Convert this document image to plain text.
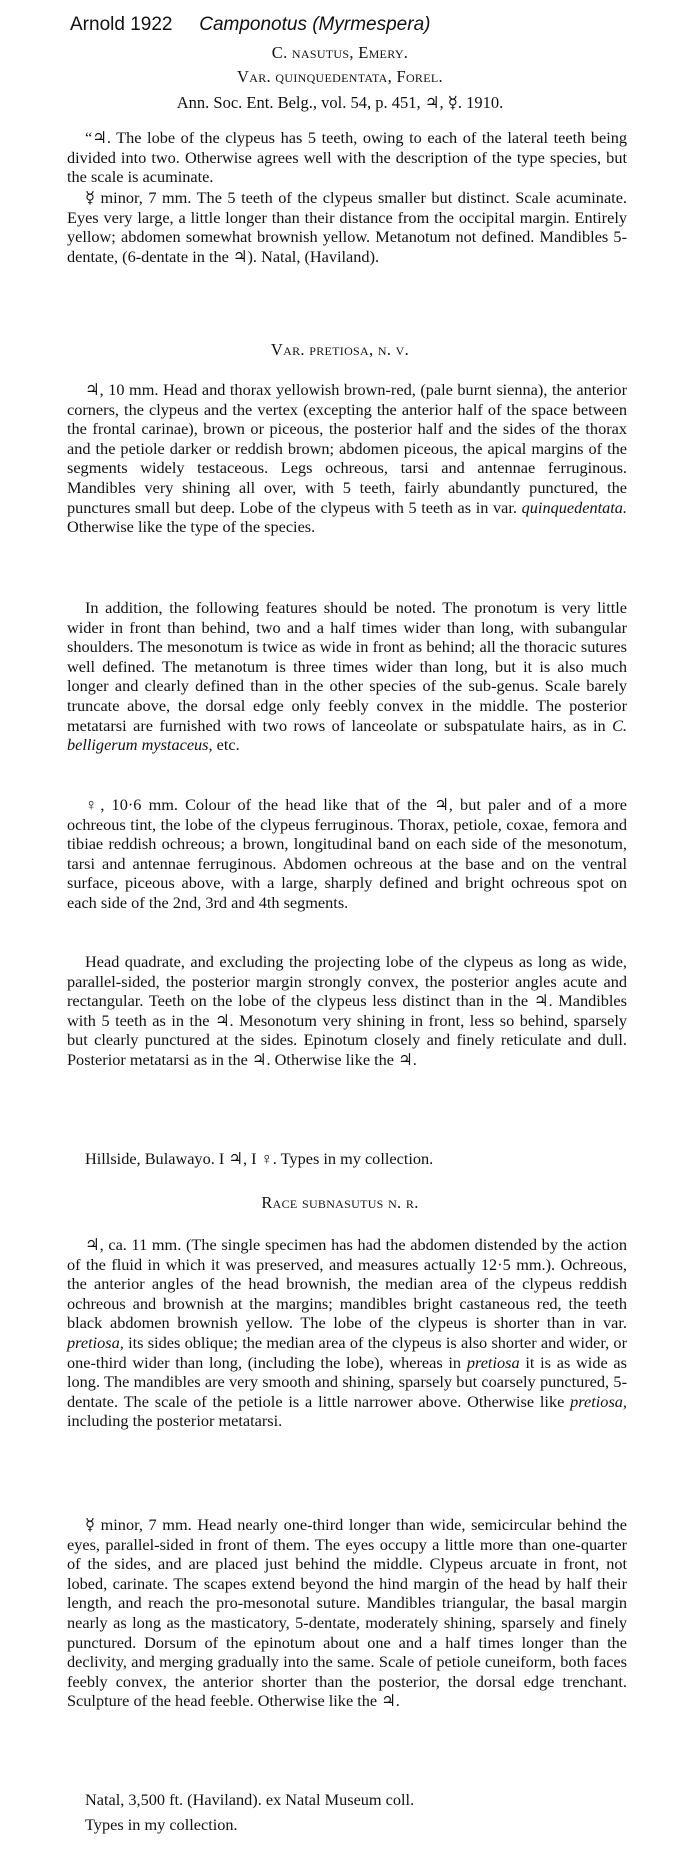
Arnold 1922 Camponotus (Myrmespera)
C. nasutus, Emery.
Var. quinquedentata, Forel.
Ann. Soc. Ent. Belg., vol. 54, p. 451, ♃, ☿. 1910.

“♃. The lobe of the clypeus has 5 teeth, owing to each of the lateral teeth being divided into two. Otherwise agrees well with the description of the type species, but the scale is acuminate.

☿ minor, 7 mm. The 5 teeth of the clypeus smaller but distinct. Scale acuminate. Eyes very large, a little longer than their distance from the occipital margin. Entirely yellow; abdomen somewhat brownish yellow. Metanotum not defined. Mandibles 5-dentate, (6-dentate in the ♃). Natal, (Haviland).

Var. pretiosa, n. v.

♃, 10 mm. Head and thorax yellowish brown-red, (pale burnt sienna), the anterior corners, the clypeus and the vertex (excepting the anterior half of the space between the frontal carinae), brown or piceous, the posterior half and the sides of the thorax and the petiole darker or reddish brown; abdomen piceous, the apical margins of the segments widely testaceous. Legs ochreous, tarsi and antennae ferruginous. Mandibles very shining all over, with 5 teeth, fairly abundantly punctured, the punctures small but deep. Lobe of the clypeus with 5 teeth as in var. quinquedentata. Otherwise like the type of the species.

In addition, the following features should be noted. The pronotum is very little wider in front than behind, two and a half times wider than long, with subangular shoulders. The mesonotum is twice as wide in front as behind; all the thoracic sutures well defined. The metanotum is three times wider than long, but it is also much longer and clearly defined than in the other species of the sub-genus. Scale barely truncate above, the dorsal edge only feebly convex in the middle. The posterior metatarsi are furnished with two rows of lanceolate or subspatulate hairs, as in C. belligerum mystaceus, etc.

♀, 10·6 mm. Colour of the head like that of the ♃, but paler and of a more ochreous tint, the lobe of the clypeus ferruginous. Thorax, petiole, coxae, femora and tibiae reddish ochreous; a brown, longitudinal band on each side of the mesonotum, tarsi and antennae ferruginous. Abdomen ochreous at the base and on the ventral surface, piceous above, with a large, sharply defined and bright ochreous spot on each side of the 2nd, 3rd and 4th segments.

Head quadrate, and excluding the projecting lobe of the clypeus as long as wide, parallel-sided, the posterior margin strongly convex, the posterior angles acute and rectangular. Teeth on the lobe of the clypeus less distinct than in the ♃. Mandibles with 5 teeth as in the ♃. Mesonotum very shining in front, less so behind, sparsely but clearly punctured at the sides. Epinotum closely and finely reticulate and dull. Posterior metatarsi as in the ♃. Otherwise like the ♃.

Hillside, Bulawayo. I ♃, I ♀. Types in my collection.

Race subnasutus n. r.

♃, ca. 11 mm. (The single specimen has had the abdomen distended by the action of the fluid in which it was preserved, and measures actually 12·5 mm.). Ochreous, the anterior angles of the head brownish, the median area of the clypeus reddish ochreous and brownish at the margins; mandibles bright castaneous red, the teeth black abdomen brownish yellow. The lobe of the clypeus is shorter than in var. pretiosa, its sides oblique; the median area of the clypeus is also shorter and wider, or one-third wider than long, (including the lobe), whereas in pretiosa it is as wide as long. The mandibles are very smooth and shining, sparsely but coarsely punctured, 5-dentate. The scale of the petiole is a little narrower above. Otherwise like pretiosa, including the posterior metatarsi.

☿ minor, 7 mm. Head nearly one-third longer than wide, semicircular behind the eyes, parallel-sided in front of them. The eyes occupy a little more than one-quarter of the sides, and are placed just behind the middle. Clypeus arcuate in front, not lobed, carinate. The scapes extend beyond the hind margin of the head by half their length, and reach the pro-mesonotal suture. Mandibles triangular, the basal margin nearly as long as the masticatory, 5-dentate, moderately shining, sparsely and finely punctured. Dorsum of the epinotum about one and a half times longer than the declivity, and merging gradually into the same. Scale of petiole cuneiform, both faces feebly convex, the anterior shorter than the posterior, the dorsal edge trenchant. Sculpture of the head feeble. Otherwise like the ♃.

Natal, 3,500 ft. (Haviland). ex Natal Museum coll.

Types in my collection.
